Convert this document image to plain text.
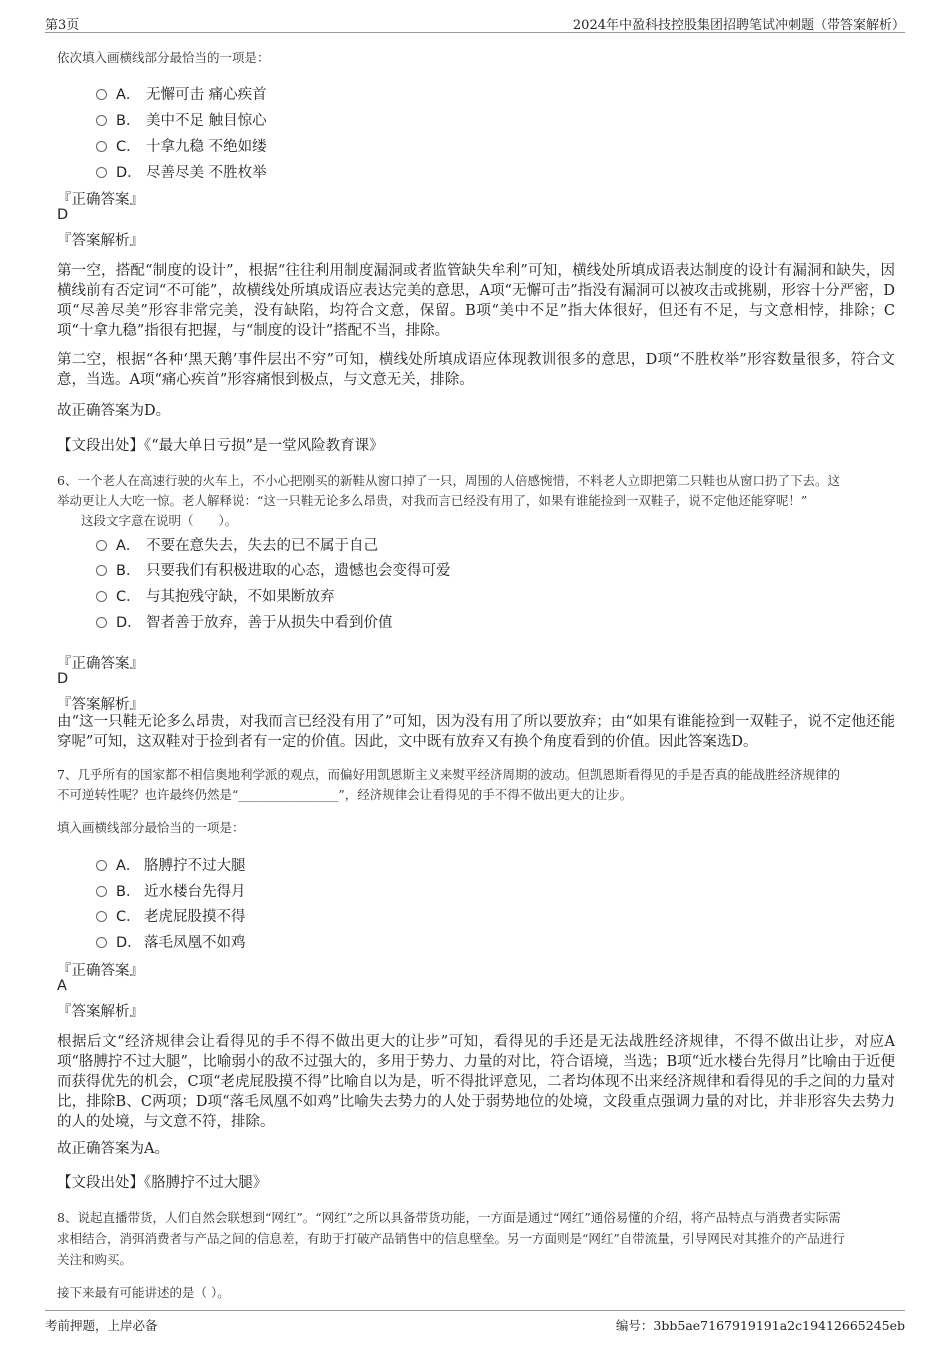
第3页	2024年中盈科技控股集团招聘笔试冲刺题（带答案解析）
依次填入画横线部分最恰当的一项是：
A． 无懈可击 痛心疾首
B． 美中不足 触目惊心
C． 十拿九稳 不绝如缕
D． 尽善尽美 不胜枚举
『正确答案』
D
『答案解析』
第一空，搭配“制度的设计”，根据“往往利用制度漏洞或者监管缺失牟利”可知，横线处所填成语表达制度的设计有漏洞和缺失，因横线前有否定词“不可能”，故横线处所填成语应表达完美的意思，A项“无懈可击”指没有漏洞可以被攻击或挑剔，形容十分严密，D项“尽善尽美”形容非常完美，没有缺陷，均符合文意，保留。B项“美中不足”指大体很好，但还有不足，与文意相悖，排除；C项“十拿九稳”指很有把握，与“制度的设计”搭配不当，排除。
第二空，根据“各种‘黑天鹅’事件层出不穷”可知，横线处所填成语应体现教训很多的意思，D项“不胜枚举”形容数量很多，符合文意，当选。A项“痛心疾首”形容痛恨到极点，与文意无关，排除。
故正确答案为D。
【文段出处】《“最大单日亏损”是一堂风险教育课》
6、一个老人在高速行驶的火车上，不小心把刚买的新鞋从窗口掉了一只，周围的人倍感惋惜，不料老人立即把第二只鞋也从窗口扔了下去。这
举动更让人大吃一惊。老人解释说：“这一只鞋无论多么昂贵，对我而言已经没有用了，如果有谁能捡到一双鞋子，说不定他还能穿呢！”
这段文字意在说明（　　）。
A． 不要在意失去，失去的已不属于自己
B． 只要我们有积极进取的心态，遗憾也会变得可爱
C． 与其抱残守缺，不如果断放弃
D． 智者善于放弃，善于从损失中看到价值
『正确答案』
D
『答案解析』
由“这一只鞋无论多么昂贵，对我而言已经没有用了”可知，因为没有用了所以要放弃；由“如果有谁能捡到一双鞋子，说不定他还能穿呢”可知，这双鞋对于捡到者有一定的价值。因此，文中既有放弃又有换个角度看到的价值。因此答案选D。
7、几乎所有的国家都不相信奥地利学派的观点，而偏好用凯恩斯主义来熨平经济周期的波动。但凯恩斯看得见的手是否真的能战胜经济规律的
不可逆转性呢？也许最终仍然是“________________”，经济规律会让看得见的手不得不做出更大的让步。
填入画横线部分最恰当的一项是：
A． 胳膊拧不过大腿
B． 近水楼台先得月
C． 老虎屁股摸不得
D． 落毛凤凰不如鸡
『正确答案』
A
『答案解析』
根据后文“经济规律会让看得见的手不得不做出更大的让步”可知，看得见的手还是无法战胜经济规律，不得不做出让步，对应A项“胳膊拧不过大腿”，比喻弱小的敌不过强大的，多用于势力、力量的对比，符合语境，当选；B项“近水楼台先得月”比喻由于近便而获得优先的机会，C项“老虎屁股摸不得”比喻自以为是，听不得批评意见，二者均体现不出来经济规律和看得见的手之间的力量对比，排除B、C两项；D项“落毛凤凰不如鸡”比喻失去势力的人处于弱势地位的处境，文段重点强调力量的对比，并非形容失去势力的人的处境，与文意不符，排除。
故正确答案为A。
【文段出处】《胳膊拧不过大腿》
8、说起直播带货，人们自然会联想到“网红”。“网红”之所以具备带货功能，一方面是通过“网红”通俗易懂的介绍，将产品特点与消费者实际需
求相结合，消弭消费者与产品之间的信息差，有助于打破产品销售中的信息壁垒。另一方面则是“网红”自带流量，引导网民对其推介的产品进行
关注和购买。
接下来最有可能讲述的是（ ）。
考前押题，上岸必备	编号：3bb5ae7167919191a2c19412665245eb
